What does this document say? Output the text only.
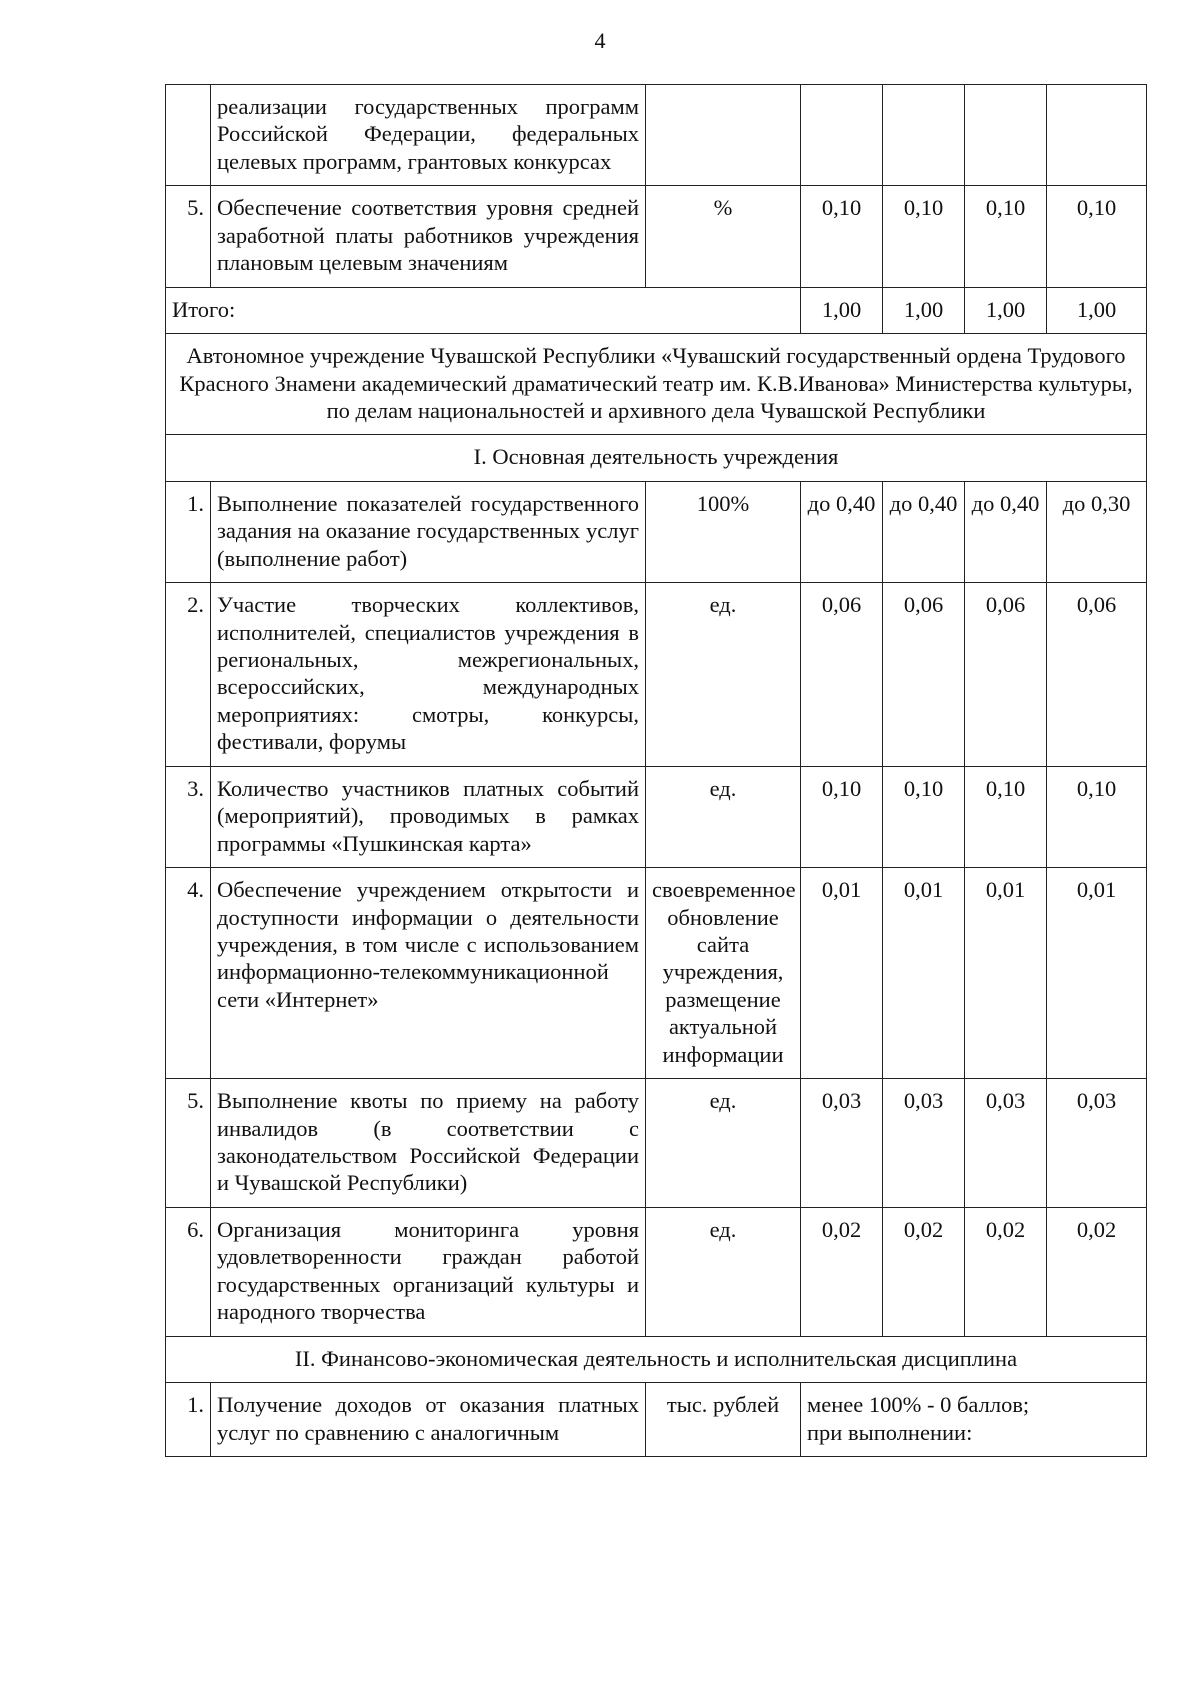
4
	реализации государственных программ Российской Федерации, федеральных целевых программ, грантовых конкурсах					
5.	Обеспечение соответствия уровня средней заработной платы работников учреждения плановым целевым значениям	%	0,10	0,10	0,10	0,10
Итого:			1,00	1,00	1,00	1,00
Автономное учреждение Чувашской Республики «Чувашский государственный ордена Трудового Красного Знамени академический драматический театр им. К.В.Иванова» Министерства культуры, по делам национальностей и архивного дела Чувашской Республики						
I. Основная деятельность учреждения						
1.	Выполнение показателей государственного задания на оказание государственных услуг (выполнение работ)	100%	до 0,40	до 0,40	до 0,40	до 0,30
2.	Участие творческих коллективов, исполнителей, специалистов учреждения в региональных, межрегиональных, всероссийских, международных мероприятиях: смотры, конкурсы, фестивали, форумы	ед.	0,06	0,06	0,06	0,06
3.	Количество участников платных событий (мероприятий), проводимых в рамках программы «Пушкинская карта»	ед.	0,10	0,10	0,10	0,10
4.	Обеспечение учреждением открытости и доступности информации о деятельности учреждения, в том числе с использованием информационно-телекоммуникационной сети «Интернет»	своевременное обновление сайта учреждения, размещение актуальной информации	0,01	0,01	0,01	0,01
5.	Выполнение квоты по приему на работу инвалидов (в соответствии с законодательством Российской Федерации и Чувашской Республики)	ед.	0,03	0,03	0,03	0,03
6.	Организация мониторинга уровня удовлетворенности граждан работой государственных организаций культуры и народного творчества	ед.	0,02	0,02	0,02	0,02
II. Финансово-экономическая деятельность и исполнительская дисциплина						
1.	Получение доходов от оказания платных услуг по сравнению с аналогичным	тыс. рублей	менее 100% - 0 баллов;
при выполнении:			
